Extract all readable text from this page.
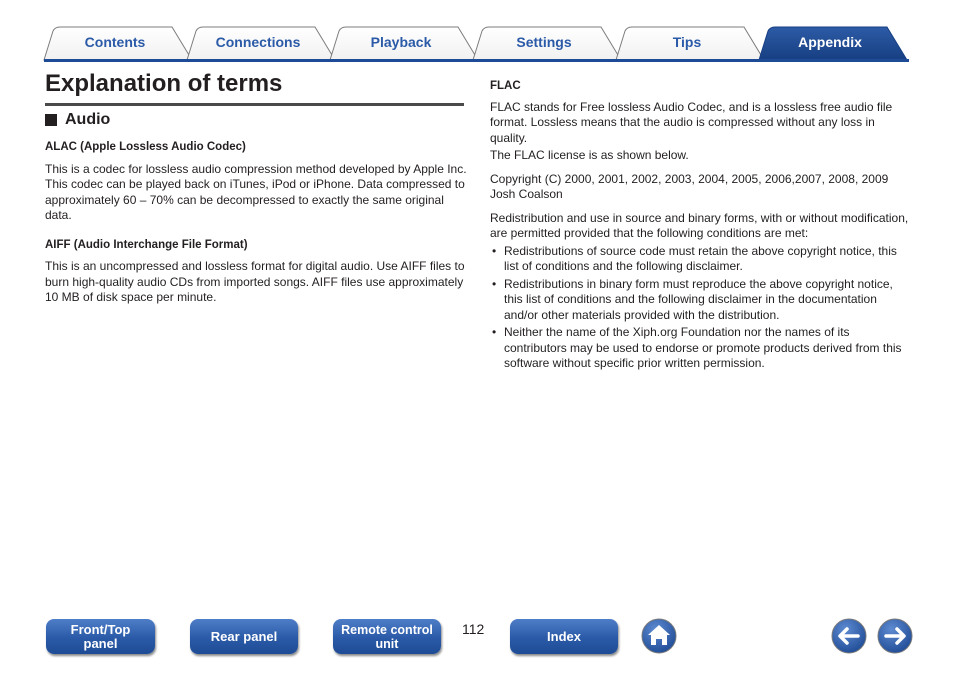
Contents	Connections	Playback	Settings	Tips	Appendix
Explanation of terms
Audio
ALAC (Apple Lossless Audio Codec)

This is a codec for lossless audio compression method developed by Apple Inc. This codec can be played back on iTunes, iPod or iPhone. Data compressed to approximately 60 – 70% can be decompressed to exactly the same original data.

AIFF (Audio Interchange File Format)

This is an uncompressed and lossless format for digital audio. Use AIFF files to burn high-quality audio CDs from imported songs. AIFF files use approximately 10 MB of disk space per minute.

FLAC

FLAC stands for Free lossless Audio Codec, and is a lossless free audio file format. Lossless means that the audio is compressed without any loss in quality.

The FLAC license is as shown below.

Copyright (C) 2000, 2001, 2002, 2003, 2004, 2005, 2006,2007, 2008, 2009 Josh Coalson

Redistribution and use in source and binary forms, with or without modification, are permitted provided that the following conditions are met:

• Redistributions of source code must retain the above copyright notice, this list of conditions and the following disclaimer.
• Redistributions in binary form must reproduce the above copyright notice, this list of conditions and the following disclaimer in the documentation and/or other materials provided with the distribution.
• Neither the name of the Xiph.org Foundation nor the names of its contributors may be used to endorse or promote products derived from this software without specific prior written permission.
Front/Top
panel	Rear panel	Remote control
unit
112	Index
